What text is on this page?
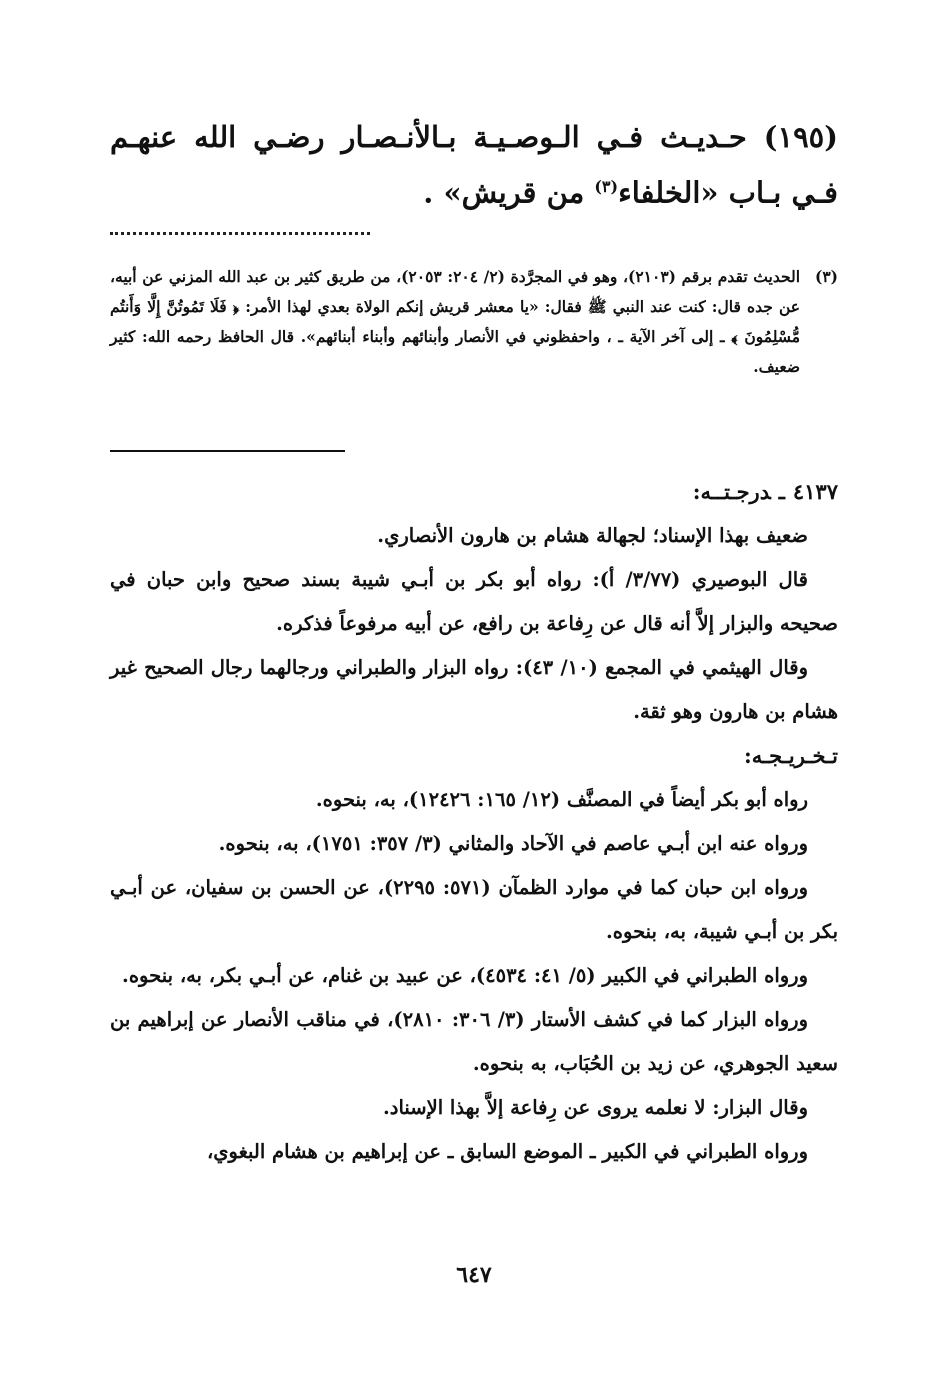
(١٩٥) حـديـث فـي الـوصـيـة بـالأنـصـار رضـي الله عنهـم فـي بـاب «الخلفاء$^{(٣)}$ من قريش» .
(٣)
الحديث تقدم برقم (٢١٠٣)، وهو في المجرَّدة (٢/ ٢٠٤: ٢٠٥٣)، من طريق كثير بن عبد الله المزني عن أبيه، عن جده قال: كنت عند النبي ﷺ فقال: «يا معشر قريش إنكم الولاة بعدي لهذا الأمر: ﴿ فَلَا تَمُوتُنَّ إِلَّا وَأَنتُم مُّسْلِمُونَ ﴾ ـ إلى آخر الآية ـ ، واحفظوني في الأنصار وأبنائهم وأبناء أبنائهم». قال الحافظ رحمه الله: كثير ضعيف.

٤١٣٧ـدرجـتــه:

ضعيف بهذا الإسناد؛ لجهالة هشام بن هارون الأنصاري.

قال البوصيري (٣/٧٧/ أ): رواه أبو بكر بن أبـي شيبة بسند صحيح وابن حبان في صحيحه والبزار إلاَّ أنه قال عن رِفاعة بن رافع، عن أبيه مرفوعاً فذكره.

وقال الهيثمي في المجمع (١٠/ ٤٣): رواه البزار والطبراني ورجالهما رجال الصحيح غير هشام بن هارون وهو ثقة.

تـخـريـجـه:

رواه أبو بكر أيضاً في المصنَّف (١٢/ ١٦٥: ١٢٤٢٦)، به، بنحوه.

ورواه عنه ابن أبـي عاصم في الآحاد والمثاني (٣/ ٣٥٧: ١٧٥١)، به، بنحوه.

ورواه ابن حبان كما في موارد الظمآن (٥٧١: ٢٢٩٥)، عن الحسن بن سفيان، عن أبـي بكر بن أبـي شيبة، به، بنحوه.

ورواه الطبراني في الكبير (٥/ ٤١: ٤٥٣٤)، عن عبيد بن غنام، عن أبـي بكر، به، بنحوه.

ورواه البزار كما في كشف الأستار (٣/ ٣٠٦: ٢٨١٠)، في مناقب الأنصار عن إبراهيم بن سعيد الجوهري، عن زيد بن الحُبَاب، به بنحوه.

وقال البزار: لا نعلمه يروى عن رِفاعة إلاَّ بهذا الإسناد.

ورواه الطبراني في الكبير ـ الموضع السابق ـ عن إبراهيم بن هشام البغوي،

٦٤٧
